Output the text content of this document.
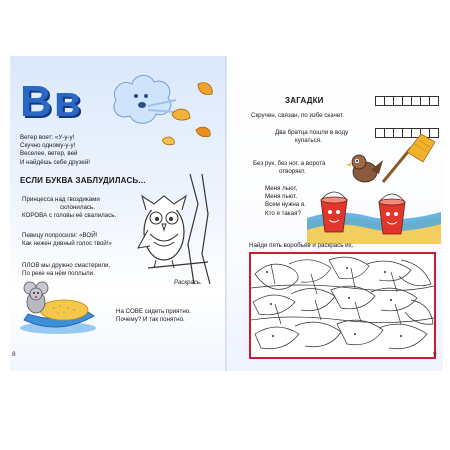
Вв
Ветер воет: «У-у-у!
Скучно одному-у-у!
Веселее, ветер, вей
И найдёшь себе друзей!
ЕСЛИ БУКВА ЗАБЛУДИЛАСЬ...
Принцесса над гвоздиками
склонилась.
КОРОВА с головы её свалилась.
Певицу попросили: «ВОЙ!
Как нежен дивный голос твой!»
ПЛОВ мы дружно смастерили,
По реке на нём поплыли.
Раскрась.
На СОВЕ сидеть приятно.
Почему? И так понятно.
8
ЗАГАДКИ
Скручен, связан, по избе скачет.
Два братца пошли в воду
купаться.
Без рук, без ног, а ворота
отворяет.
Меня льют,
Меня пьют.
Всем нужна я.
Кто я такая?
Найди пять воробьёв и раскрась их.
9
